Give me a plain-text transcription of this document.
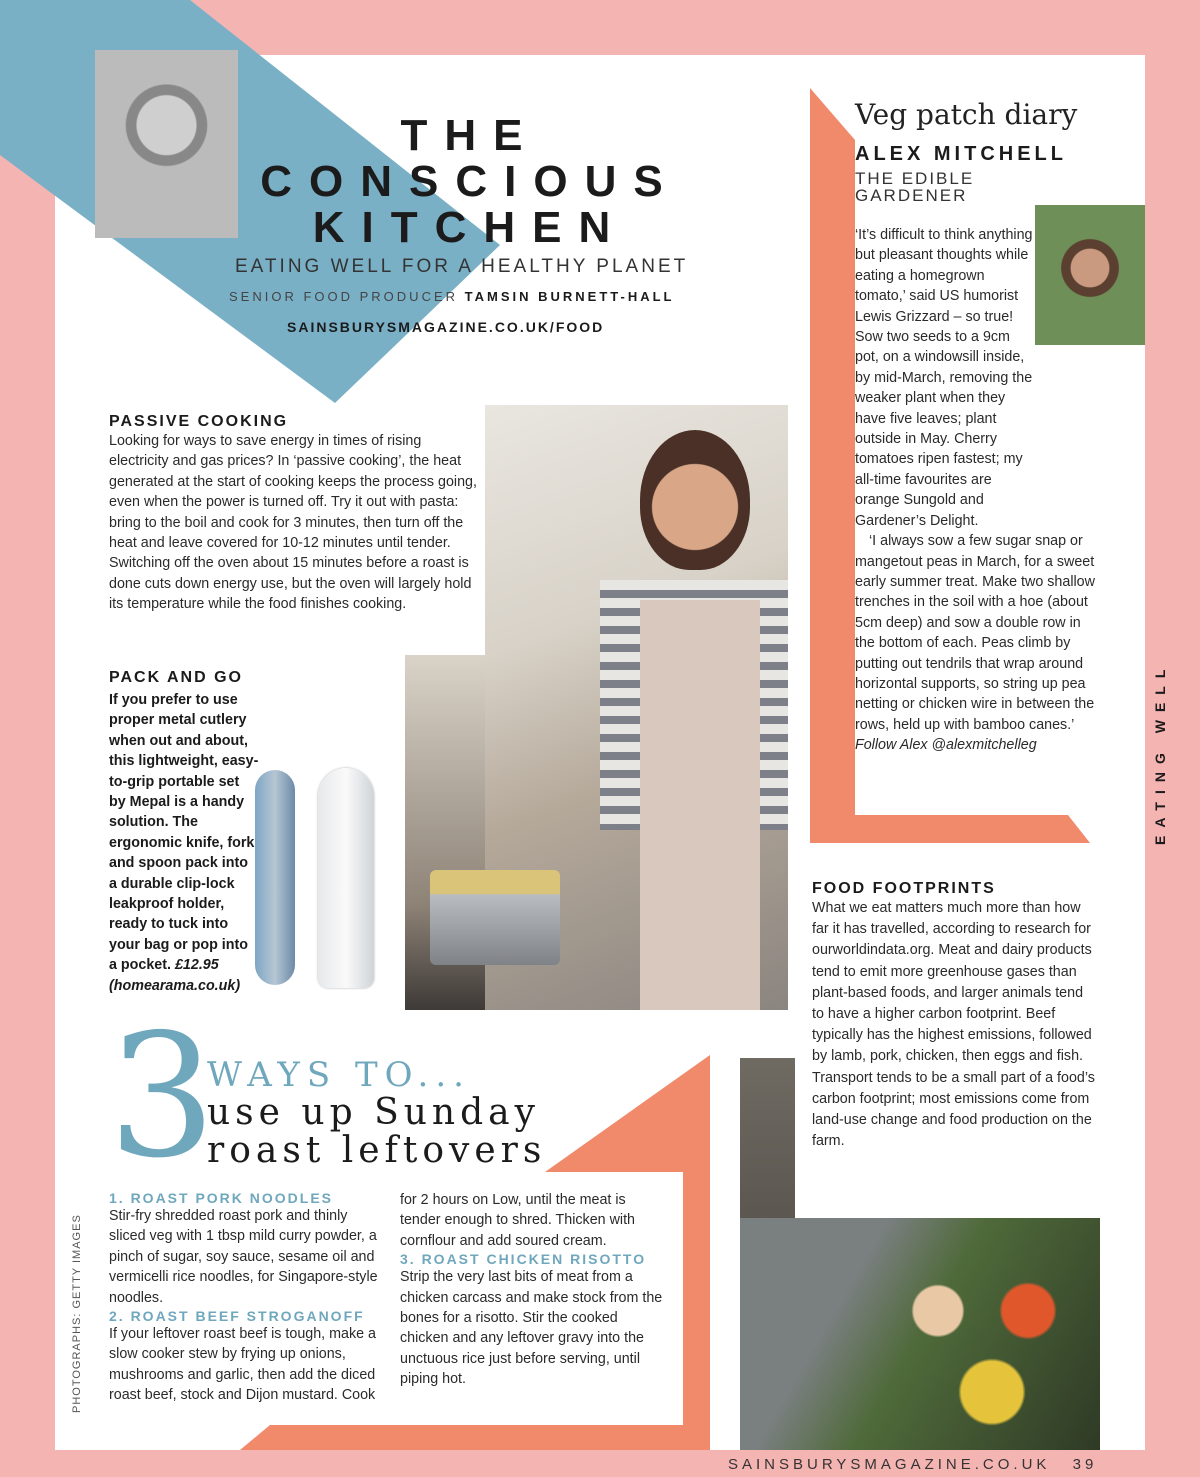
THE
CONSCIOUS
KITCHEN
EATING WELL FOR A HEALTHY PLANET
SENIOR FOOD PRODUCER TAMSIN BURNETT-HALL
SAINSBURYSMAGAZINE.CO.UK/FOOD
PASSIVE COOKING

Looking for ways to save energy in times of rising electricity and gas prices? In ‘passive cooking’, the heat generated at the start of cooking keeps the process going, even when the power is turned off. Try it out with pasta: bring to the boil and cook for 3 minutes, then turn off the heat and leave covered for 10-12 minutes until tender. Switching off the oven about 15 minutes before a roast is done cuts down energy use, but the oven will largely hold its temperature while the food finishes cooking.

PACK AND GO
If you prefer to use proper metal cutlery when out and about, this lightweight, easy-to-grip portable set by Mepal is a handy solution. The ergonomic knife, fork and spoon pack into a durable clip-lock leakproof holder, ready to tuck into your bag or pop into a pocket. £12.95 (homearama.co.uk)
Veg patch diary
ALEX MITCHELL
THE EDIBLE
GARDENER

‘It’s difficult to think anything but pleasant thoughts while eating a homegrown tomato,’ said US humorist Lewis Grizzard – so true! Sow two seeds to a 9cm pot, on a windowsill inside, by mid-March, removing the weaker plant when they have five leaves; plant outside in May. Cherry tomatoes ripen fastest; my all-time favourites are orange Sungold and Gardener’s Delight.

‘I always sow a few sugar snap or mangetout peas in March, for a sweet early summer treat. Make two shallow trenches in the soil with a hoe (about 5cm deep) and sow a double row in the bottom of each. Peas climb by putting out tendrils that wrap around horizontal supports, so string up pea netting or chicken wire in between the rows, held up with bamboo canes.’

Follow Alex @alexmitchelleg

FOOD FOOTPRINTS

What we eat matters much more than how far it has travelled, according to research for ourworldindata.org. Meat and dairy products tend to emit more greenhouse gases than plant-based foods, and larger animals tend to have a higher carbon footprint. Beef typically has the highest emissions, followed by lamb, pork, chicken, then eggs and fish. Transport tends to be a small part of a food’s carbon footprint; most emissions come from land-use change and food production on the farm.

3
WAYS TO...
use up Sunday
roast leftovers
1. ROAST PORK NOODLES

Stir-fry shredded roast pork and thinly sliced veg with 1 tbsp mild curry powder, a pinch of sugar, soy sauce, sesame oil and vermicelli rice noodles, for Singapore-style noodles.

2. ROAST BEEF STROGANOFF

If your leftover roast beef is tough, make a slow cooker stew by frying up onions, mushrooms and garlic, then add the diced roast beef, stock and Dijon mustard. Cook for 2 hours on Low, until the meat is tender enough to shred. Thicken with cornflour and add soured cream.

3. ROAST CHICKEN RISOTTO

Strip the very last bits of meat from a chicken carcass and make stock from the bones for a risotto. Stir the cooked chicken and any leftover gravy into the unctuous rice just before serving, until piping hot.

EATING WELL
PHOTOGRAPHS: GETTY IMAGES
SAINSBURYSMAGAZINE.CO.UK 39
